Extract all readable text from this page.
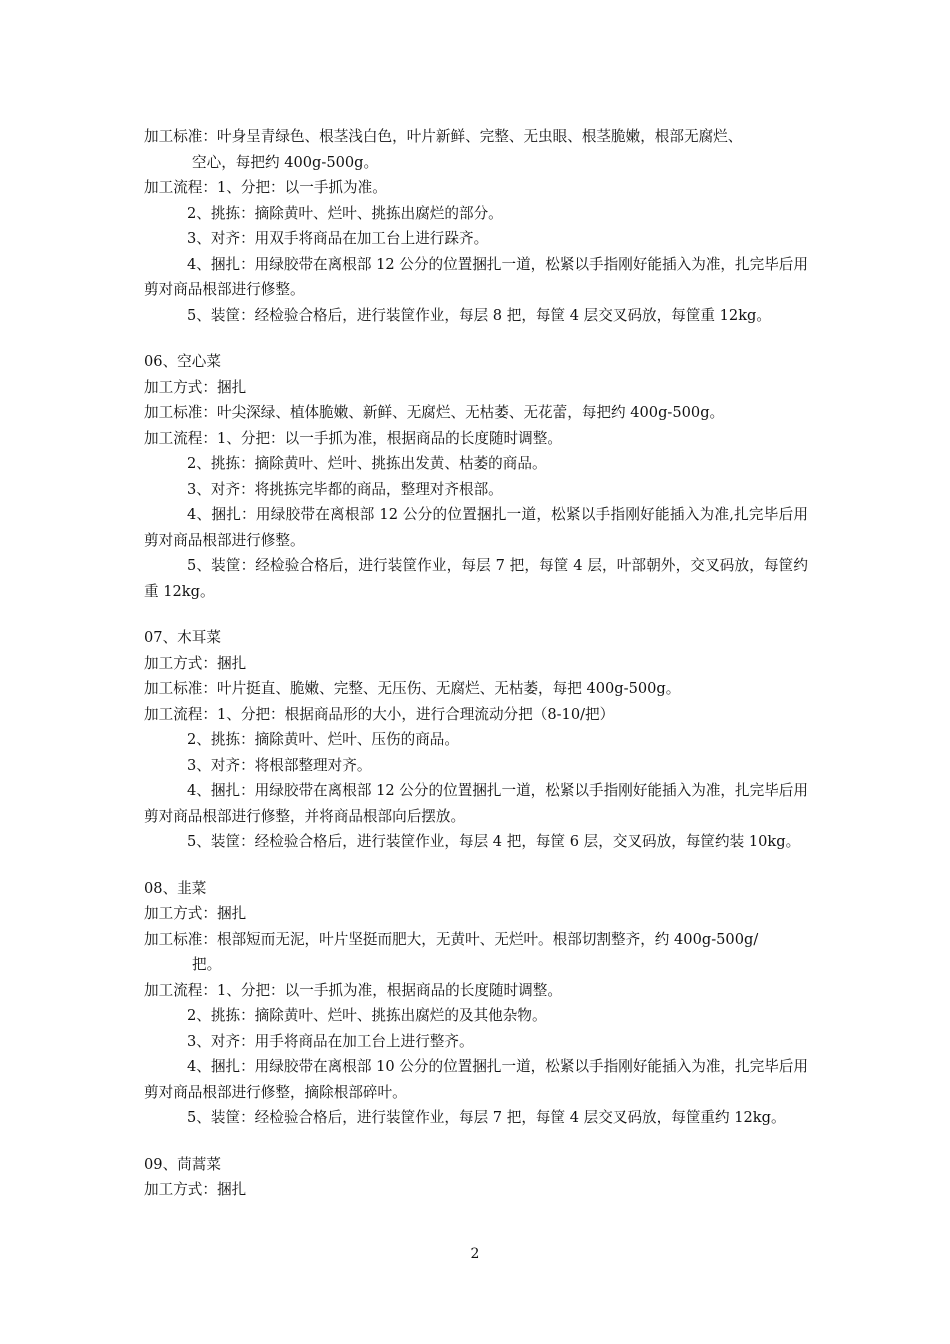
加工标准：叶身呈青绿色、根茎浅白色，叶片新鲜、完整、无虫眼、根茎脆嫩，根部无腐烂、
空心，每把约 400g-500g。
加工流程：1、分把：以一手抓为准。
2、挑拣：摘除黄叶、烂叶、挑拣出腐烂的部分。
3、对齐：用双手将商品在加工台上进行跺齐。
4、捆扎：用绿胶带在离根部 12 公分的位置捆扎一道，松紧以手指刚好能插入为准，扎完毕后用剪对商品根部进行修整。
5、装筐：经检验合格后，进行装筐作业，每层 8 把，每筐 4 层交叉码放，每筐重 12kg。
06、空心菜
加工方式：捆扎
加工标准：叶尖深绿、植体脆嫩、新鲜、无腐烂、无枯萎、无花蕾，每把约 400g-500g。
加工流程：1、分把：以一手抓为准，根据商品的长度随时调整。
2、挑拣：摘除黄叶、烂叶、挑拣出发黄、枯萎的商品。
3、对齐：将挑拣完毕都的商品，整理对齐根部。
4、捆扎：用绿胶带在离根部 12 公分的位置捆扎一道，松紧以手指刚好能插入为准,扎完毕后用剪对商品根部进行修整。
5、装筐：经检验合格后，进行装筐作业，每层 7 把，每筐 4 层，叶部朝外，交叉码放，每筐约重 12kg。
07、木耳菜
加工方式：捆扎
加工标准：叶片挺直、脆嫩、完整、无压伤、无腐烂、无枯萎，每把 400g-500g。
加工流程：1、分把：根据商品形的大小，进行合理流动分把（8-10/把）
2、挑拣：摘除黄叶、烂叶、压伤的商品。
3、对齐：将根部整理对齐。
4、捆扎：用绿胶带在离根部 12 公分的位置捆扎一道，松紧以手指刚好能插入为准，扎完毕后用剪对商品根部进行修整，并将商品根部向后摆放。
5、装筐：经检验合格后，进行装筐作业，每层 4 把，每筐 6 层，交叉码放，每筐约装 10kg。
08、韭菜
加工方式：捆扎
加工标准：根部短而无泥，叶片坚挺而肥大，无黄叶、无烂叶。根部切割整齐，约 400g-500g/
把。
加工流程：1、分把：以一手抓为准，根据商品的长度随时调整。
2、挑拣：摘除黄叶、烂叶、挑拣出腐烂的及其他杂物。
3、对齐：用手将商品在加工台上进行整齐。
4、捆扎：用绿胶带在离根部 10 公分的位置捆扎一道，松紧以手指刚好能插入为准，扎完毕后用剪对商品根部进行修整，摘除根部碎叶。
5、装筐：经检验合格后，进行装筐作业，每层 7 把，每筐 4 层交叉码放，每筐重约 12kg。
09、茼蒿菜
加工方式：捆扎
2
